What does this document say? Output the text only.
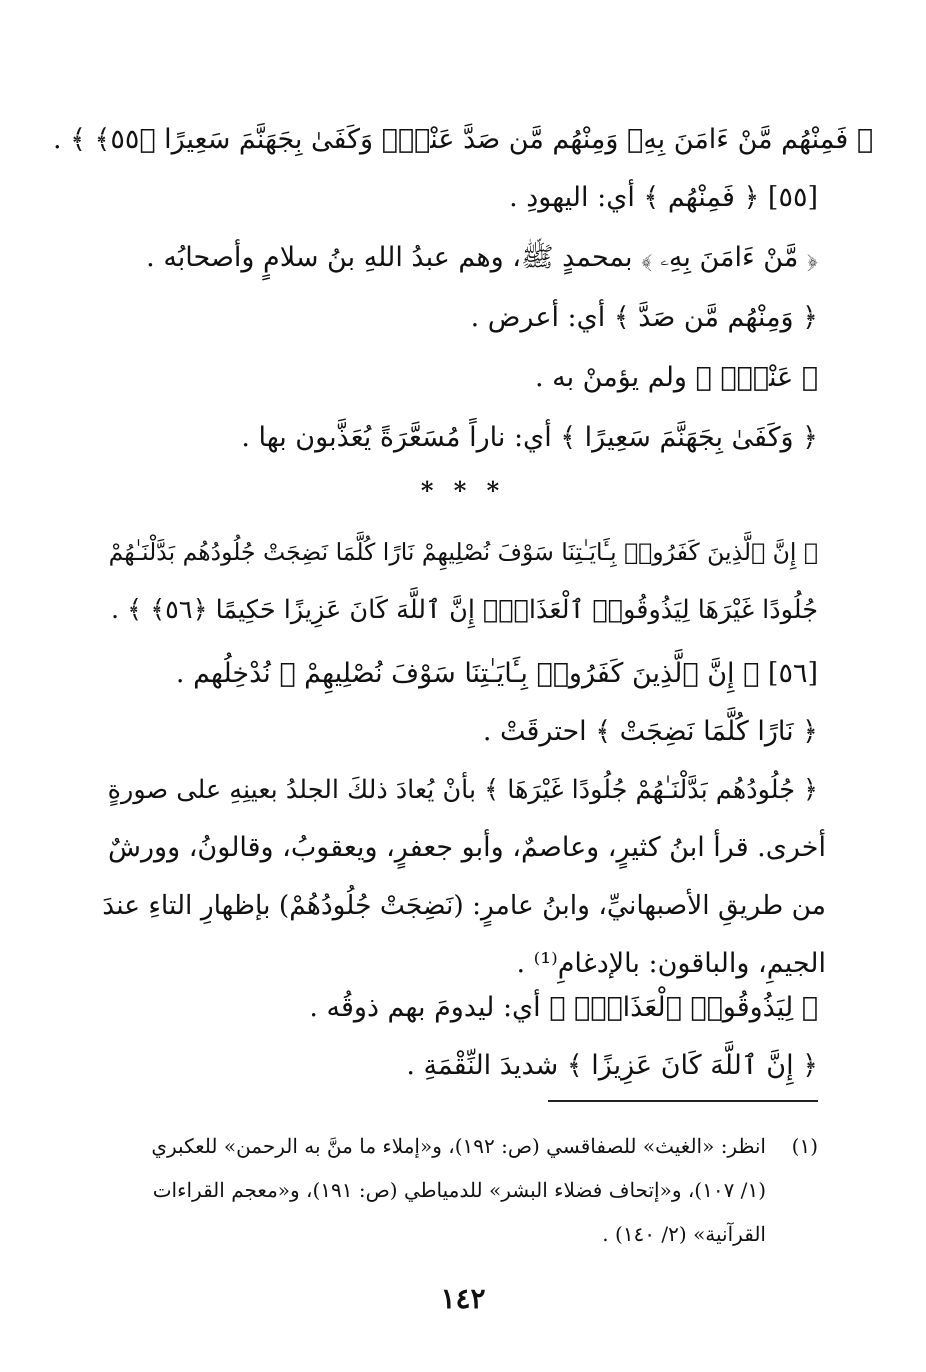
﴿ فَمِنْهُم مَّنْ ءَامَنَ بِهِۦ وَمِنْهُم مَّن صَدَّ عَنْهُۚ وَكَفَىٰ بِجَهَنَّمَ سَعِيرًا ﴿٥٥﴾ ﴾ .
[٥٥] ﴿ فَمِنْهُم ﴾ أي: اليهودِ .
﴿ مَّنْ ءَامَنَ بِهِۦ ﴾ بمحمدٍ ﷺ، وهم عبدُ اللهِ بنُ سلامٍ وأصحابُه .
﴿ وَمِنْهُم مَّن صَدَّ ﴾ أي: أعرض .
﴿ عَنْهُۚ ﴾ ولم يؤمنْ به .
﴿ وَكَفَىٰ بِجَهَنَّمَ سَعِيرًا ﴾ أي: ناراً مُسَعَّرَةً يُعَذَّبون بها .
* * *
﴿ إِنَّ ٱلَّذِينَ كَفَرُوا۟ بِـَٔايَـٰتِنَا سَوْفَ نُصْلِيهِمْ نَارًا كُلَّمَا نَضِجَتْ جُلُودُهُم بَدَّلْنَـٰهُمْ
جُلُودًا غَيْرَهَا لِيَذُوقُوا۟ ٱلْعَذَابَۗ إِنَّ ٱللَّهَ كَانَ عَزِيزًا حَكِيمًا ﴿٥٦﴾ ﴾ .
[٥٦] ﴿ إِنَّ ٱلَّذِينَ كَفَرُوا۟ بِـَٔايَـٰتِنَا سَوْفَ نُصْلِيهِمْ ﴾ نُدْخِلُهم .
﴿ نَارًا كُلَّمَا نَضِجَتْ ﴾ احترقَتْ .
﴿ جُلُودُهُم بَدَّلْنَـٰهُمْ جُلُودًا غَيْرَهَا ﴾ بأنْ يُعادَ ذلكَ الجلدُ بعينِهِ على صورةٍ
أخرى. قرأ ابنُ كثيرٍ، وعاصمٌ، وأبو جعفرٍ، ويعقوبُ، وقالونُ، وورشٌ
من طريقِ الأصبهانيِّ، وابنُ عامرٍ: (نَضِجَتْ جُلُودُهُمْ) بإظهارِ التاءِ عندَ
الجيمِ، والباقون: بالإدغامِ⁽¹⁾ .
﴿ لِيَذُوقُوا۟ ٱلْعَذَابَۗ ﴾ أي: ليدومَ بهم ذوقُه .
﴿ إِنَّ ٱللَّهَ كَانَ عَزِيزًا ﴾ شديدَ النِّقْمَةِ .
(١)
انظر: «الغيث» للصفاقسي (ص: ١٩٢)، و«إملاء ما منَّ به الرحمن» للعكبري
(١/ ١٠٧)، و«إتحاف فضلاء البشر» للدمياطي (ص: ١٩١)، و«معجم القراءات
القرآنية» (٢/ ١٤٠) .
١٤٢
